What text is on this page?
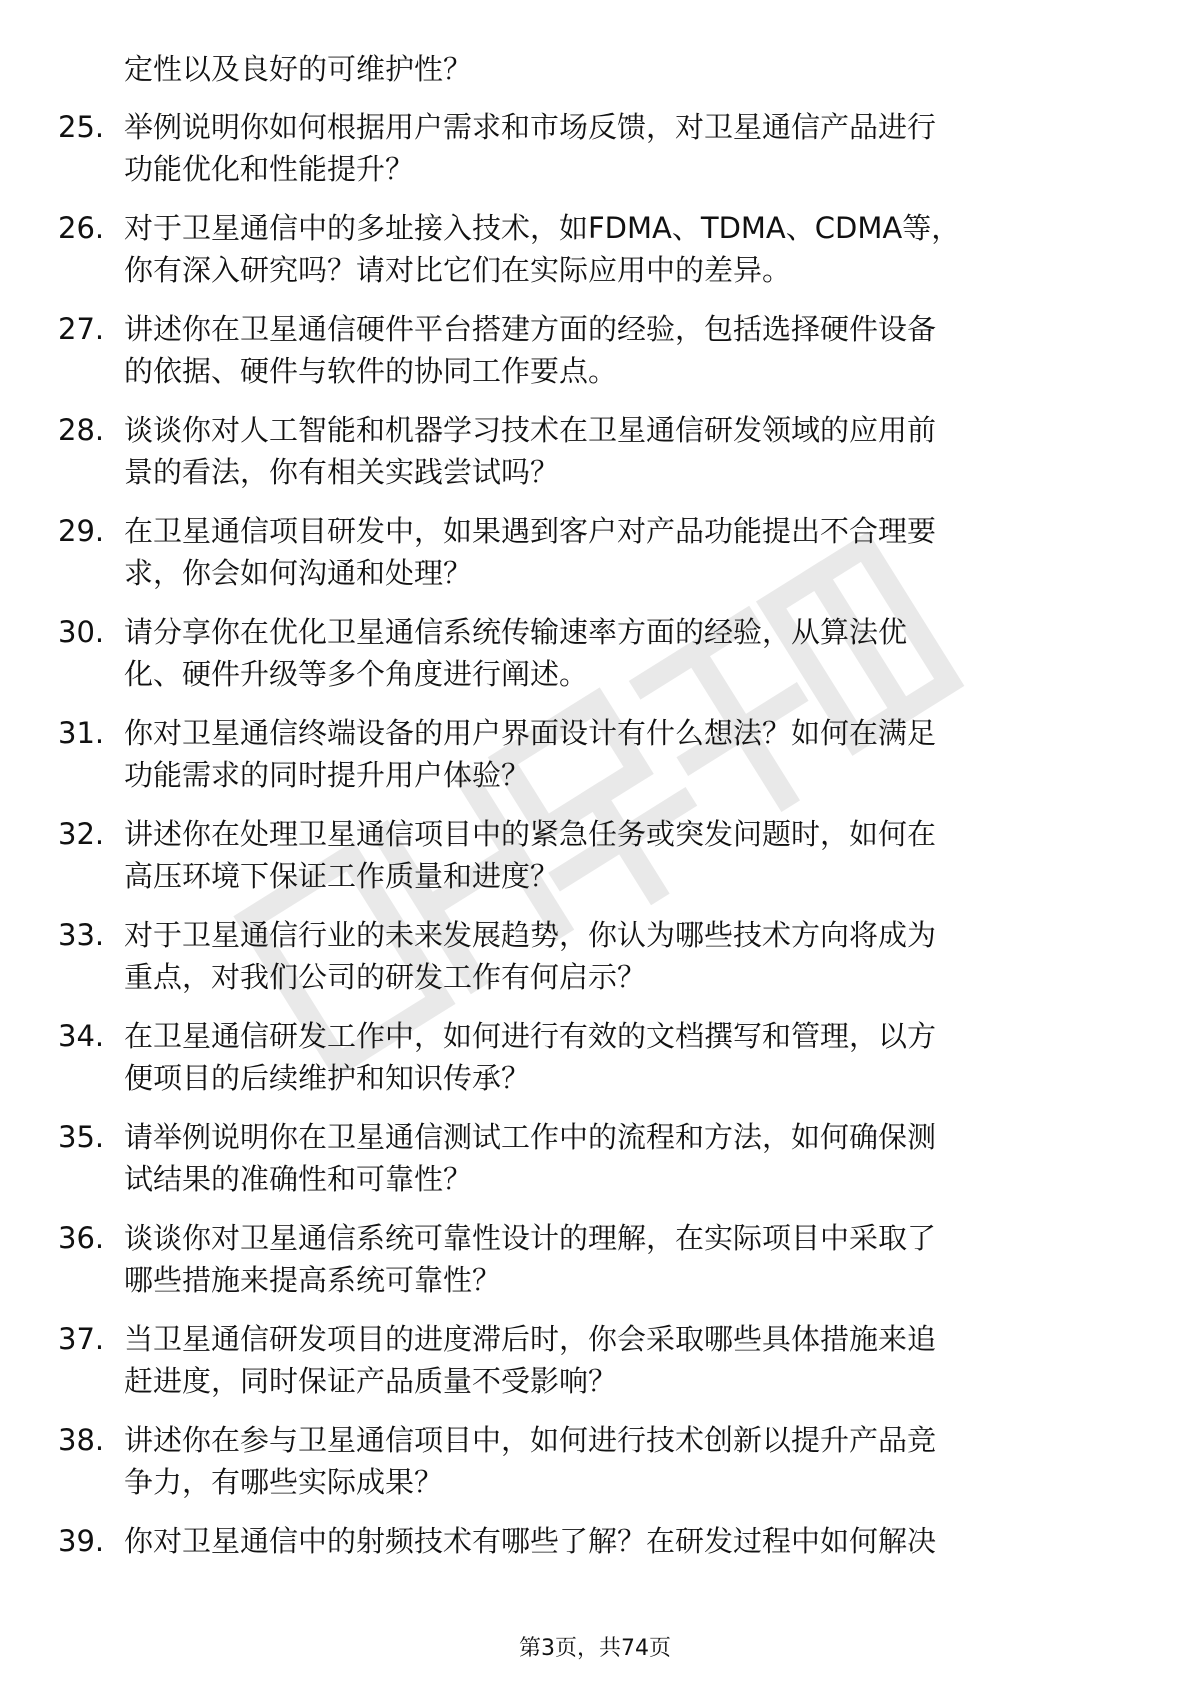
定性以及良好的可维护性？
25. 举例说明你如何根据用户需求和市场反馈，对卫星通信产品进行
功能优化和性能提升？
26. 对于卫星通信中的多址接入技术，如FDMA、TDMA、CDMA等，
你有深入研究吗？请对比它们在实际应用中的差异。
27. 讲述你在卫星通信硬件平台搭建方面的经验，包括选择硬件设备
的依据、硬件与软件的协同工作要点。
28. 谈谈你对人工智能和机器学习技术在卫星通信研发领域的应用前
景的看法，你有相关实践尝试吗？
29. 在卫星通信项目研发中，如果遇到客户对产品功能提出不合理要
求，你会如何沟通和处理？
30. 请分享你在优化卫星通信系统传输速率方面的经验，从算法优
化、硬件升级等多个角度进行阐述。
31. 你对卫星通信终端设备的用户界面设计有什么想法？如何在满足
功能需求的同时提升用户体验？
32. 讲述你在处理卫星通信项目中的紧急任务或突发问题时，如何在
高压环境下保证工作质量和进度？
33. 对于卫星通信行业的未来发展趋势，你认为哪些技术方向将成为
重点，对我们公司的研发工作有何启示？
34. 在卫星通信研发工作中，如何进行有效的文档撰写和管理，以方
便项目的后续维护和知识传承？
35. 请举例说明你在卫星通信测试工作中的流程和方法，如何确保测
试结果的准确性和可靠性？
36. 谈谈你对卫星通信系统可靠性设计的理解，在实际项目中采取了
哪些措施来提高系统可靠性？
37. 当卫星通信研发项目的进度滞后时，你会采取哪些具体措施来追
赶进度，同时保证产品质量不受影响？
38. 讲述你在参与卫星通信项目中，如何进行技术创新以提升产品竞
争力，有哪些实际成果？
39. 你对卫星通信中的射频技术有哪些了解？在研发过程中如何解决
第3页，共74页
